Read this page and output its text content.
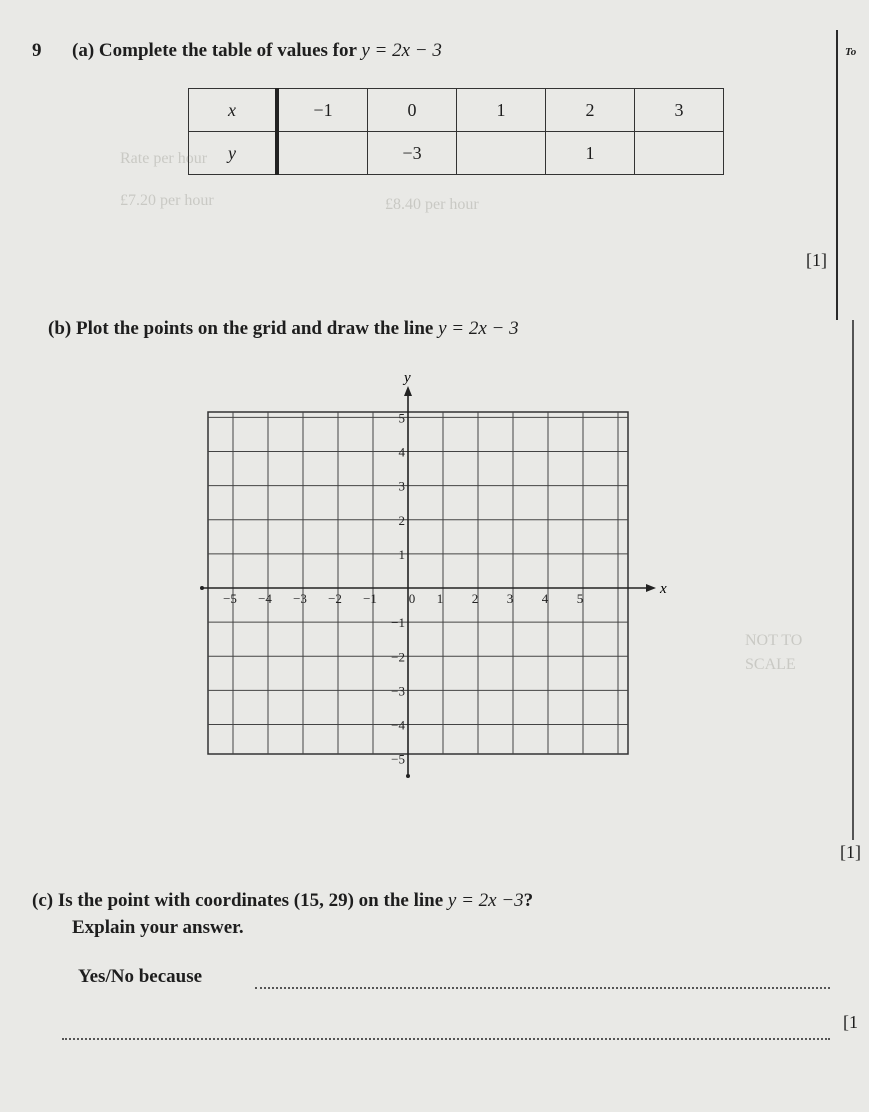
Rate per hour
£7.20 per hour	£8.40 per hour
NOT TO
SCALE
To
9 (a) Complete the table of values for y = 2x − 3
x	−1	0	1	2	3
y		−3		1	
[1]
(b) Plot the points on the grid and draw the line y = 2x − 3
−5 −4 −3 −2 −1 0 1 2 3 4 5
5
4
3
2
1
−1
−2
−3
−4
−5
x
y
[1]
(c) Is the point with coordinates (15, 29) on the line y = 2x −3?
Explain your answer.
Yes/No because
[1
